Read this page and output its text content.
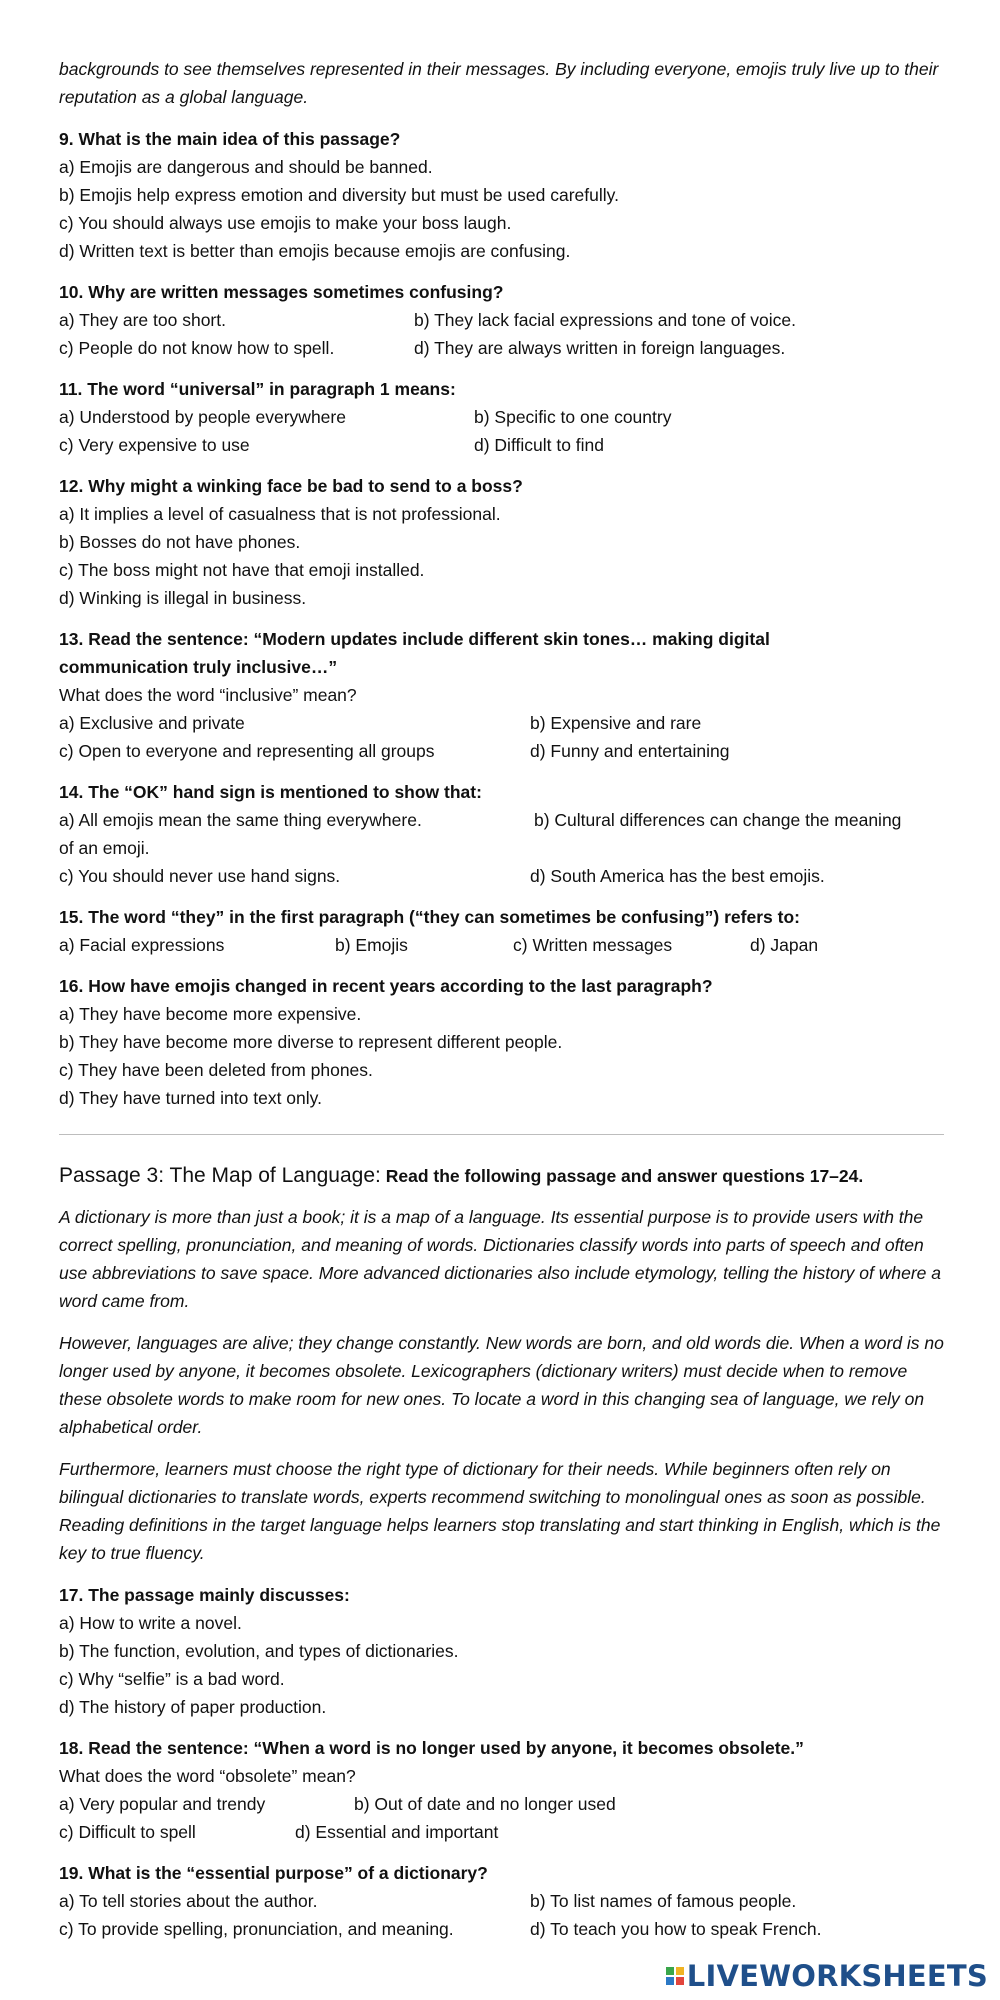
backgrounds to see themselves represented in their messages. By including everyone, emojis truly live up to their reputation as a global language.

9. What is the main idea of this passage?
a) Emojis are dangerous and should be banned.
b) Emojis help express emotion and diversity but must be used carefully.
c) You should always use emojis to make your boss laugh.
d) Written text is better than emojis because emojis are confusing.
10. Why are written messages sometimes confusing?
a) They are too short.	b) They lack facial expressions and tone of voice.
c) People do not know how to spell.	d) They are always written in foreign languages.
11. The word “universal” in paragraph 1 means:
a) Understood by people everywhere	b) Specific to one country
c) Very expensive to use	d) Difficult to find
12. Why might a winking face be bad to send to a boss?
a) It implies a level of casualness that is not professional.
b) Bosses do not have phones.
c) The boss might not have that emoji installed.
d) Winking is illegal in business.
13. Read the sentence: “Modern updates include different skin tones… making digital communication truly inclusive…”
What does the word “inclusive” mean?
a) Exclusive and private	b) Expensive and rare
c) Open to everyone and representing all groups	d) Funny and entertaining
14. The “OK” hand sign is mentioned to show that:
a) All emojis mean the same thing everywhere.	b) Cultural differences can change the meaning
of an emoji.
c) You should never use hand signs.	d) South America has the best emojis.
15. The word “they” in the first paragraph (“they can sometimes be confusing”) refers to:
a) Facial expressions	b) Emojis	c) Written messages	d) Japan
16. How have emojis changed in recent years according to the last paragraph?
a) They have become more expensive.
b) They have become more diverse to represent different people.
c) They have been deleted from phones.
d) They have turned into text only.
Passage 3: The Map of Language: Read the following passage and answer questions 17–24.

A dictionary is more than just a book; it is a map of a language. Its essential purpose is to provide users with the correct spelling, pronunciation, and meaning of words. Dictionaries classify words into parts of speech and often use abbreviations to save space. More advanced dictionaries also include etymology, telling the history of where a word came from.

However, languages are alive; they change constantly. New words are born, and old words die. When a word is no longer used by anyone, it becomes obsolete. Lexicographers (dictionary writers) must decide when to remove these obsolete words to make room for new ones. To locate a word in this changing sea of language, we rely on alphabetical order.

Furthermore, learners must choose the right type of dictionary for their needs. While beginners often rely on bilingual dictionaries to translate words, experts recommend switching to monolingual ones as soon as possible. Reading definitions in the target language helps learners stop translating and start thinking in English, which is the key to true fluency.

17. The passage mainly discusses:
a) How to write a novel.
b) The function, evolution, and types of dictionaries.
c) Why “selfie” is a bad word.
d) The history of paper production.
18. Read the sentence: “When a word is no longer used by anyone, it becomes obsolete.”
What does the word “obsolete” mean?
a) Very popular and trendy	b) Out of date and no longer used
c) Difficult to spell	d) Essential and important
19. What is the “essential purpose” of a dictionary?
a) To tell stories about the author.	b) To list names of famous people.
c) To provide spelling, pronunciation, and meaning.	d) To teach you how to speak French.
LIVEWORKSHEETS
